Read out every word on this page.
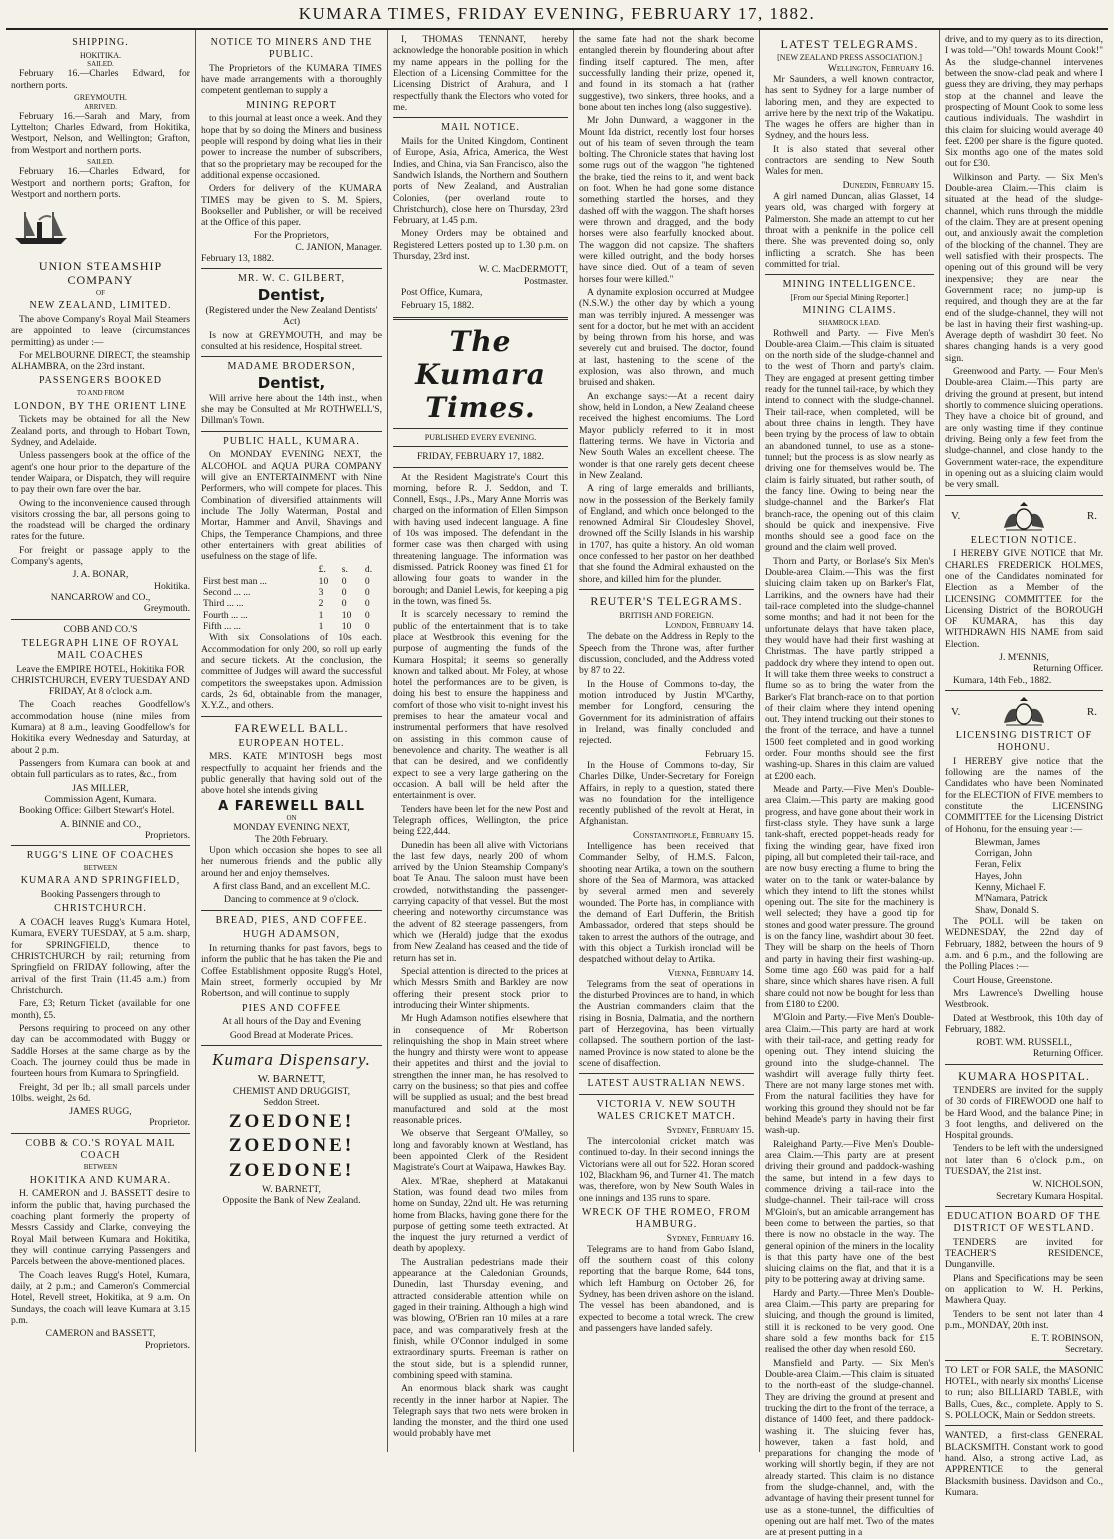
KUMARA TIMES, FRIDAY EVENING, FEBRUARY 17, 1882.
SHIPPING.
HOKITIKA.
SAILED.

February 16.—Charles Edward, for northern ports.

GREYMOUTH.
ARRIVED.

February 16.—Sarah and Mary, from Lyttelton; Charles Edward, from Hokitika, Westport, Nelson, and Wellington; Grafton, from Westport and northern ports.

SAILED.

February 16.—Charles Edward, for Westport and northern ports; Grafton, for Westport and northern ports.

UNION STEAMSHIP COMPANY
OF
NEW ZEALAND, LIMITED.

The above Company's Royal Mail Steamers are appointed to leave (circumstances permitting) as under :—

For MELBOURNE DIRECT, the steamship ALHAMBRA, on the 23rd instant.

PASSENGERS BOOKED
TO AND FROM
LONDON, BY THE ORIENT LINE

Tickets may be obtained for all the New Zealand ports, and through to Hobart Town, Sydney, and Adelaide.

Unless passengers book at the office of the agent's one hour prior to the departure of the tender Waipara, or Dispatch, they will require to pay their own fare over the bar.

Owing to the inconvenience caused through visitors crossing the bar, all persons going to the roadstead will be charged the ordinary rates for the future.

For freight or passage apply to the Company's agents,

J. A. BONAR,
Hokitika.
NANCARROW and CO.,
Greymouth.
COBB AND CO.'S
TELEGRAPH LINE OF ROYAL MAIL COACHES

Leave the EMPIRE HOTEL, Hokitika FOR CHRISTCHURCH, EVERY TUESDAY AND FRIDAY, At 8 o'clock a.m.

The Coach reaches Goodfellow's accommodation house (nine miles from Kumara) at 8 a.m., leaving Goodfellow's for Hokitika every Wednesday and Saturday, at about 2 p.m.

Passengers from Kumara can book at and obtain full particulars as to rates, &c., from

JAS MILLER,
Commission Agent, Kumara.

Booking Office: Gilbert Stewart's Hotel.

A. BINNIE and CO.,
Proprietors.
RUGG'S LINE OF COACHES
BETWEEN
KUMARA AND SPRINGFIELD,
Booking Passengers through to
CHRISTCHURCH.

A COACH leaves Rugg's Kumara Hotel, Kumara, EVERY TUESDAY, at 5 a.m. sharp, for SPRINGFIELD, thence to CHRISTCHURCH by rail; returning from Springfield on FRIDAY following, after the arrival of the first Train (11.45 a.m.) from Christchurch.

Fare, £3; Return Ticket (available for one month), £5.

Persons requiring to proceed on any other day can be accommodated with Buggy or Saddle Horses at the same charge as by the Coach. The journey could thus be made in fourteen hours from Kumara to Springfield.

Freight, 3d per lb.; all small parcels under 10lbs. weight, 2s 6d.

JAMES RUGG,
Proprietor.
COBB & CO.'S ROYAL MAIL COACH
BETWEEN
HOKITIKA AND KUMARA.

H. CAMERON and J. BASSETT desire to inform the public that, having purchased the coaching plant formerly the property of Messrs Cassidy and Clarke, conveying the Royal Mail between Kumara and Hokitika, they will continue carrying Passengers and Parcels between the above-mentioned places.

The Coach leaves Rugg's Hotel, Kumara, daily, at 2 p.m.; and Cameron's Commercial Hotel, Revell street, Hokitika, at 9 a.m. On Sundays, the coach will leave Kumara at 3.15 p.m.

CAMERON and BASSETT,
Proprietors.
NOTICE TO MINERS AND THE PUBLIC.

The Proprietors of the KUMARA TIMES have made arrangements with a thoroughly competent gentleman to supply a

MINING REPORT

to this journal at least once a week. And they hope that by so doing the Miners and business people will respond by doing what lies in their power to increase the number of subscribers, that so the proprietary may be recouped for the additional expense occasioned.

Orders for delivery of the KUMARA TIMES may be given to S. M. Spiers, Bookseller and Publisher, or will be received at the Office of this paper.

For the Proprietors,
C. JANION, Manager.

February 13, 1882.

MR. W. C. GILBERT,
Dentist,

(Registered under the New Zealand Dentists' Act)

Is now at GREYMOUTH, and may be consulted at his residence, Hospital street.

MADAME BRODERSON,
Dentist,

Will arrive here about the 14th inst., when she may be Consulted at Mr ROTHWELL'S, Dillman's Town.

PUBLIC HALL, KUMARA.

On MONDAY EVENING NEXT, the ALCOHOL and AQUA PURA COMPANY will give an ENTERTAINMENT with Nine Performers, who will compete for places. This Combination of diversified attainments will include The Jolly Waterman, Postal and Mortar, Hammer and Anvil, Shavings and Chips, the Temperance Champions, and three other entertainers with great abilities of usefulness on the stage of life.

	£.	s.	d.
First best man ...	10	0	0
Second ... ...	3	0	0
Third ... ...	2	0	0
Fourth ... ...	1	10	0
Fifth ... ...	1	10	0

With six Consolations of 10s each. Accommodation for only 200, so roll up early and secure tickets. At the conclusion, the committee of Judges will award the successful competitors the sweepstakes upon. Admission cards, 2s 6d, obtainable from the manager, X.Y.Z., and others.

FAREWELL BALL.
EUROPEAN HOTEL.

MRS. KATE M'INTOSH begs most respectfully to acquaint her friends and the public generally that having sold out of the above hotel she intends giving

A FAREWELL BALL
ON
MONDAY EVENING NEXT,
The 20th February.

Upon which occasion she hopes to see all her numerous friends and the public ally around her and enjoy themselves.

A first class Band, and an excellent M.C.

Dancing to commence at 9 o'clock.

BREAD, PIES, AND COFFEE.
HUGH ADAMSON,

In returning thanks for past favors, begs to inform the public that he has taken the Pie and Coffee Establishment opposite Rugg's Hotel, Main street, formerly occupied by Mr Robertson, and will continue to supply

PIES AND COFFEE

At all hours of the Day and Evening

Good Bread at Moderate Prices.

Kumara Dispensary.
W. BARNETT,
CHEMIST AND DRUGGIST,
Seddon Street.
ZOEDONE!
ZOEDONE!
ZOEDONE!
W. BARNETT,
Opposite the Bank of New Zealand.

I, THOMAS TENNANT, hereby acknowledge the honorable position in which my name appears in the polling for the Election of a Licensing Committee for the Licensing District of Arahura, and I respectfully thank the Electors who voted for me.

MAIL NOTICE.

Mails for the United Kingdom, Continent of Europe, Asia, Africa, America, the West Indies, and China, via San Francisco, also the Sandwich Islands, the Northern and Southern ports of New Zealand, and Australian Colonies, (per overland route to Christchurch), close here on Thursday, 23rd February, at 1.45 p.m.

Money Orders may be obtained and Registered Letters posted up to 1.30 p.m. on Thursday, 23rd inst.

W. C. MacDERMOTT,
Postmaster.

Post Office, Kumara,

February 15, 1882.

The Kumara Times.
PUBLISHED EVERY EVENING.
FRIDAY, FEBRUARY 17, 1882.

At the Resident Magistrate's Court this morning, before R. J. Seddon, and T. Connell, Esqs., J.Ps., Mary Anne Morris was charged on the information of Ellen Simpson with having used indecent language. A fine of 10s was imposed. The defendant in the former case was then charged with using threatening language. The information was dismissed. Patrick Rooney was fined £1 for allowing four goats to wander in the borough; and Daniel Lewis, for keeping a pig in the town, was fined 5s.

It is scarcely necessary to remind the public of the entertainment that is to take place at Westbrook this evening for the purpose of augmenting the funds of the Kumara Hospital; it seems so generally known and talked about. Mr Foley, at whose hotel the performances are to be given, is doing his best to ensure the happiness and comfort of those who visit to-night invest his premises to hear the amateur vocal and instrumental performers that have resolved on assisting in this common cause of benevolence and charity. The weather is all that can be desired, and we confidently expect to see a very large gathering on the occasion. A ball will be held after the entertainment is over.

Tenders have been let for the new Post and Telegraph offices, Wellington, the price being £22,444.

Dunedin has been all alive with Victorians the last few days, nearly 200 of whom arrived by the Union Steamship Company's boat Te Anau. The saloon must have been crowded, notwithstanding the passenger-carrying capacity of that vessel. But the most cheering and noteworthy circumstance was the advent of 82 steerage passengers, from which we (Herald) judge that the exodus from New Zealand has ceased and the tide of return has set in.

Special attention is directed to the prices at which Messrs Smith and Barkley are now offering their present stock prior to introducing their Winter shipments.

Mr Hugh Adamson notifies elsewhere that in consequence of Mr Robertson relinquishing the shop in Main street where the hungry and thirsty were wont to appease their appetites and thirst and the jovial to strengthen the inner man, he has resolved to carry on the business; so that pies and coffee will be supplied as usual; and the best bread manufactured and sold at the most reasonable prices.

We observe that Sergeant O'Malley, so long and favorably known at Westland, has been appointed Clerk of the Resident Magistrate's Court at Waipawa, Hawkes Bay.

Alex. M'Rae, shepherd at Matakanui Station, was found dead two miles from home on Sunday, 22nd ult. He was returning home from Blacks, having gone there for the purpose of getting some teeth extracted. At the inquest the jury returned a verdict of death by apoplexy.

The Australian pedestrians made their appearance at the Caledonian Grounds, Dunedin, last Thursday evening, and attracted considerable attention while on gaged in their training. Although a high wind was blowing, O'Brien ran 10 miles at a rare pace, and was comparatively fresh at the finish, while O'Connor indulged in some extraordinary spurts. Freeman is rather on the stout side, but is a splendid runner, combining speed with stamina.

An enormous black shark was caught recently in the inner harbor at Napier. The Telegraph says that two nets were broken in landing the monster, and the third one used would probably have met

the same fate had not the shark become entangled therein by floundering about after finding itself captured. The men, after successfully landing their prize, opened it, and found in its stomach a hat (rather suggestive), two sinkers, three hooks, and a bone about ten inches long (also suggestive).

Mr John Dunward, a waggoner in the Mount Ida district, recently lost four horses out of his team of seven through the team bolting. The Chronicle states that having lost some rugs out of the waggon "he tightened the brake, tied the reins to it, and went back on foot. When he had gone some distance something startled the horses, and they dashed off with the waggon. The shaft horses were thrown and dragged, and the body horses were also fearfully knocked about. The waggon did not capsize. The shafters were killed outright, and the body horses have since died. Out of a team of seven horses four were killed."

A dynamite explosion occurred at Mudgee (N.S.W.) the other day by which a young man was terribly injured. A messenger was sent for a doctor, but he met with an accident by being thrown from his horse, and was severely cut and bruised. The doctor, found at last, hastening to the scene of the explosion, was also thrown, and much bruised and shaken.

An exchange says:—At a recent dairy show, held in London, a New Zealand cheese received the highest encomiums. The Lord Mayor publicly referred to it in most flattering terms. We have in Victoria and New South Wales an excellent cheese. The wonder is that one rarely gets decent cheese in New Zealand.

A ring of large emeralds and brilliants, now in the possession of the Berkely family of England, and which once belonged to the renowned Admiral Sir Cloudesley Shovel, drowned off the Scilly Islands in his warship in 1707, has quite a history. An old woman once confessed to her pastor on her deathbed that she found the Admiral exhausted on the shore, and killed him for the plunder.

REUTER'S TELEGRAMS.
BRITISH AND FOREIGN.
London, February 14.

The debate on the Address in Reply to the Speech from the Throne was, after further discussion, concluded, and the Address voted by 87 to 22.

In the House of Commons to-day, the motion introduced by Justin M'Carthy, member for Longford, censuring the Government for its administration of affairs in Ireland, was finally concluded and rejected.

February 15.

In the House of Commons to-day, Sir Charles Dilke, Under-Secretary for Foreign Affairs, in reply to a question, stated there was no foundation for the intelligence recently published of the revolt at Herat, in Afghanistan.

Constantinople, February 15.

Intelligence has been received that Commander Selby, of H.M.S. Falcon, shooting near Artika, a town on the southern shore of the Sea of Marmora, was attacked by several armed men and severely wounded. The Porte has, in compliance with the demand of Earl Dufferin, the British Ambassador, ordered that steps should be taken to arrest the authors of the outrage, and with this object a Turkish ironclad will be despatched without delay to Artika.

Vienna, February 14.

Telegrams from the seat of operations in the disturbed Provinces are to hand, in which the Austrian commanders claim that the rising in Bosnia, Dalmatia, and the northern part of Herzegovina, has been virtually collapsed. The southern portion of the last-named Province is now stated to alone be the scene of disaffection.

LATEST AUSTRALIAN NEWS.
VICTORIA V. NEW SOUTH WALES CRICKET MATCH.
Sydney, February 15.

The intercolonial cricket match was continued to-day. In their second innings the Victorians were all out for 522. Horan scored 102, Blackham 96, and Turner 41. The match was, therefore, won by New South Wales in one innings and 135 runs to spare.

WRECK OF THE ROMEO, FROM HAMBURG.
Sydney, February 16.

Telegrams are to hand from Gabo Island, off the southern coast of this colony reporting that the barque Rome, 644 tons, which left Hamburg on October 26, for Sydney, has been driven ashore on the island. The vessel has been abandoned, and is expected to become a total wreck. The crew and passengers have landed safely.

LATEST TELEGRAMS.
[NEW ZEALAND PRESS ASSOCIATION.]
Wellington, February 16.

Mr Saunders, a well known contractor, has sent to Sydney for a large number of laboring men, and they are expected to arrive here by the next trip of the Wakatipu. The wages he offers are higher than in Sydney, and the hours less.

It is also stated that several other contractors are sending to New South Wales for men.

Dunedin, February 15.

A girl named Duncan, alias Glasset, 14 years old, was charged with forgery at Palmerston. She made an attempt to cut her throat with a penknife in the police cell there. She was prevented doing so, only inflicting a scratch. She has been committed for trial.

MINING INTELLIGENCE.
[From our Special Mining Reporter.]
MINING CLAIMS.
SHAMROCK LEAD.

Rothwell and Party. — Five Men's Double-area Claim.—This claim is situated on the north side of the sludge-channel and to the west of Thorn and party's claim. They are engaged at present getting timber ready for the tunnel tail-race, by which they intend to connect with the sludge-channel. Their tail-race, when completed, will be about three chains in length. They have been trying by the process of law to obtain an abandoned tunnel, to use as a stone-tunnel; but the process is as slow nearly as driving one for themselves would be. The claim is fairly situated, but rather south, of the fancy line. Owing to being near the sludge-channel and the Barker's Flat branch-race, the opening out of this claim should be quick and inexpensive. Five months should see a good face on the ground and the claim well proved.

Thorn and Party, or Borlase's Six Men's Double-area Claim.—This was the first sluicing claim taken up on Barker's Flat, Larrikins, and the owners have had their tail-race completed into the sludge-channel some months; and had it not been for the unfortunate delays that have taken place, they would have had their first washing at Christmas. The have partly stripped a paddock dry where they intend to open out. It will take them three weeks to construct a flume so as to bring the water from the Barker's Flat branch-race on to that portion of their claim where they intend opening out. They intend trucking out their stones to the front of the terrace, and have a tunnel 1500 feet completed and in good working order. Four months should see the first washing-up. Shares in this claim are valued at £200 each.

Meade and Party.—Five Men's Double-area Claim.—This party are making good progress, and have gone about their work in first-class style. They have sunk a large tank-shaft, erected poppet-heads ready for fixing the winding gear, have fixed iron piping, all but completed their tail-race, and are now busy erecting a flume to bring the water on to the tank or water-balance by which they intend to lift the stones whilst opening out. The site for the machinery is well selected; they have a good tip for stones and good water pressure. The ground is on the fancy line, washdirt about 30 feet. They will be sharp on the heels of Thorn and party in having their first washing-up. Some time ago £60 was paid for a half share, since which shares have risen. A full share could not now be bought for less than from £180 to £200.

M'Gloin and Party.—Five Men's Double-area Claim.—This party are hard at work with their tail-race, and getting ready for opening out. They intend sluicing the ground into the sludge-channel. The washdirt will average fully thirty feet. There are not many large stones met with. From the natural facilities they have for working this ground they should not be far behind Meade's party in having their first wash-up.

Raleighand Party.—Five Men's Double-area Claim.—This party are at present driving their ground and paddock-washing the same, but intend in a few days to commence driving a tail-race into the sludge-channel. Their tail-race will cross M'Gloin's, but an amicable arrangement has been come to between the parties, so that there is now no obstacle in the way. The general opinion of the miners in the locality is that this party have one of the best sluicing claims on the flat, and that it is a pity to be pottering away at driving same.

Hardy and Party.—Three Men's Double-area Claim.—This party are preparing for sluicing, and though the ground is limited, still it is reckoned to be very good. One share sold a few months back for £15 realised the other day when resold £60.

Mansfield and Party. — Six Men's Double-area Claim.—This claim is situated to the north-east of the sludge-channel. They are driving the ground at present and trucking the dirt to the front of the terrace, a distance of 1400 feet, and there paddock-washing it. The sluicing fever has, however, taken a fast hold, and preparations for changing the mode of working will shortly begin, if they are not already started. This claim is no distance from the sludge-channel, and, with the advantage of having their present tunnel for use as a stone-tunnel, the difficulties of opening out are half met. Two of the mates are at present putting in a

drive, and to my query as to its direction, I was told—"Oh! towards Mount Cook!" As the sludge-channel intervenes between the snow-clad peak and where I guess they are driving, they may perhaps stop at the channel and leave the prospecting of Mount Cook to some less cautious individuals. The washdirt in this claim for sluicing would average 40 feet. £200 per share is the figure quoted. Six months ago one of the mates sold out for £30.

Wilkinson and Party. — Six Men's Double-area Claim.—This claim is situated at the head of the sludge-channel, which runs through the middle of the claim. They are at present opening out, and anxiously await the completion of the blocking of the channel. They are well satisfied with their prospects. The opening out of this ground will be very inexpensive; they are near the Government race; no jump-up is required, and though they are at the far end of the sludge-channel, they will not be last in having their first washing-up. Average depth of washdirt 30 feet. No shares changing hands is a very good sign.

Greenwood and Party. — Four Men's Double-area Claim.—This party are driving the ground at present, but intend shortly to commence sluicing operations. They have a choice bit of ground, and are only wasting time if they continue driving. Being only a few feet from the sludge-channel, and close handy to the Government water-race, the expenditure in opening out as a sluicing claim would be very small.

V.	R.
ELECTION NOTICE.

I HEREBY GIVE NOTICE that Mr. CHARLES FREDERICK HOLMES, one of the Candidates nominated for Election as a Member of the LICENSING COMMITTEE for the Licensing District of the BOROUGH OF KUMARA, has this day WITHDRAWN HIS NAME from said Election.

J. M'ENNIS,
Returning Officer.

Kumara, 14th Feb., 1882.

V.	R.
LICENSING DISTRICT OF HOHONU.

I HEREBY give notice that the following are the names of the Candidates who have been Nominated for the ELECTION of FIVE members to constitute the LICENSING COMMITTEE for the Licensing District of Hohonu, for the ensuing year :—

Blewman, James

Corrigan, John

Feran, Felix

Hayes, John

Kenny, Michael F.

M'Namara, Patrick

Shaw, Donald S.

The POLL will be taken on WEDNESDAY, the 22nd day of February, 1882, between the hours of 9 a.m. and 6 p.m., and the following are the Polling Places :—

Court House, Greenstone.

Mrs Lawrence's Dwelling house Westbrook.

Dated at Westbrook, this 10th day of February, 1882.

ROBT. WM. RUSSELL,
Returning Officer.
KUMARA HOSPITAL.

TENDERS are invited for the supply of 30 cords of FIREWOOD one half to be Hard Wood, and the balance Pine; in 3 foot lengths, and delivered on the Hospital grounds.

Tenders to be left with the undersigned not later than 6 o'clock p.m., on TUESDAY, the 21st inst.

W. NICHOLSON,
Secretary Kumara Hospital.
EDUCATION BOARD OF THE DISTRICT OF WESTLAND.

TENDERS are invited for TEACHER'S RESIDENCE, Dunganville.

Plans and Specifications may be seen on application to W. H. Perkins, Mawhera Quay.

Tenders to be sent not later than 4 p.m., MONDAY, 20th inst.

E. T. ROBINSON,
Secretary.

TO LET or FOR SALE, the MASONIC HOTEL, with nearly six months' License to run; also BILLIARD TABLE, with Balls, Cues, &c., complete. Apply to S. S. POLLOCK, Main or Seddon streets.

WANTED, a first-class GENERAL BLACKSMITH. Constant work to good hand. Also, a strong active Lad, as APPRENTICE to the general Blacksmith business. Davidson and Co., Kumara.
